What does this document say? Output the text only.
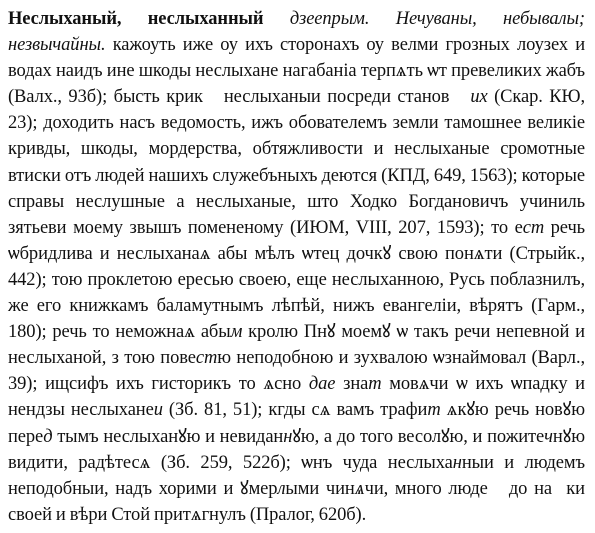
Неслыханый, неслыханный дзеепрым. Нечуваны, небывалы; незвычайны. кажоуть иже оу ихъ сторонахъ оу велми грозных лоузех и водах наидъ ине шкоды неслыхане нагабаніа терпѧть ѡт превеликих жабъ (Валх., 93б); бысть крикꙸ неслыханыи посреди становꙸ их (Скар. КЮ, 23); доходить насъ ведомость, ижъ обователемъ земли тамошнее великіе кривды, шкоды, мордерства, обтяжливости и неслыханые сромотные втиски отъ людей нашихъ служебъныхъ деются (КПД, 649, 1563); которые справы неслушные а неслыханые, што Ходко Богдановичъ учиниль зятьеви моему звышъ помененому (ИЮМ, VIII, 207, 1593); то ест речь ѡбридлива и неслыханаѧ абы мѣлъ ѡтец дочкꙋ свою понѧти (Стрыйк., 442); тою проклетою ересью своею, еще неслыханною, Русь поблазнилъ, же его книжкамъ баламутнымъ лѣпѣй, нижъ евангеліи, вѣрятъ (Гарм., 180); речь то неможнаѧ абым кролю Пнꙋ моемꙋ ѡ такъ речи непевной и неслыханой, з тою повестю неподобною и зухвалою ѡзнаймовал (Варл., 39); ищсифъ ихъ гисторикъ то ѧсно дае знат мовѧчи ѡ ихъ ѡпадку и нендзы неслыханеи (Зб. 81, 51); кгды сѧ вамъ трафит ѧкꙋю речь новꙋю перед тымъ неслыханꙋю и невиданнꙋю, а до того весолꙋю, и пожитечнꙋю видити, радѣтесѧ (Зб. 259, 522б); ѡнъ чуда неслыханныи и людемъ неподобныи, надъ хорими и ꙋмерлыми чинѧчи, много людеꙸ до наꙋки своей и вѣри Стой притѧгнулъ (Пралог, 620б).
